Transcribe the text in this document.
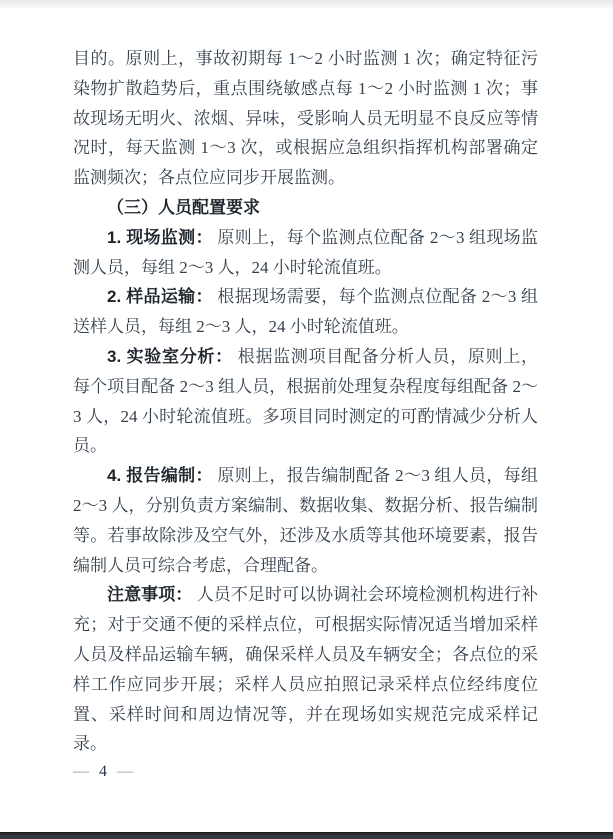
目的。原则上，事故初期每 1～2 小时监测 1 次；确定特征污染物扩散趋势后，重点围绕敏感点每 1～2 小时监测 1 次；事故现场无明火、浓烟、异味，受影响人员无明显不良反应等情况时，每天监测 1～3 次，或根据应急组织指挥机构部署确定监测频次；各点位应同步开展监测。

（三）人员配置要求

1. 现场监测： 原则上，每个监测点位配备 2～3 组现场监测人员，每组 2～3 人，24 小时轮流值班。

2. 样品运输： 根据现场需要，每个监测点位配备 2～3 组送样人员，每组 2～3 人，24 小时轮流值班。

3. 实验室分析： 根据监测项目配备分析人员，原则上，每个项目配备 2～3 组人员，根据前处理复杂程度每组配备 2～3 人，24 小时轮流值班。多项目同时测定的可酌情减少分析人员。

4. 报告编制： 原则上，报告编制配备 2～3 组人员，每组 2～3 人，分别负责方案编制、数据收集、数据分析、报告编制等。若事故除涉及空气外，还涉及水质等其他环境要素，报告编制人员可综合考虑，合理配备。

注意事项： 人员不足时可以协调社会环境检测机构进行补充；对于交通不便的采样点位，可根据实际情况适当增加采样人员及样品运输车辆，确保采样人员及车辆安全；各点位的采样工作应同步开展；采样人员应拍照记录采样点位经纬度位置、采样时间和周边情况等，并在现场如实规范完成采样记录。

— 4 —
